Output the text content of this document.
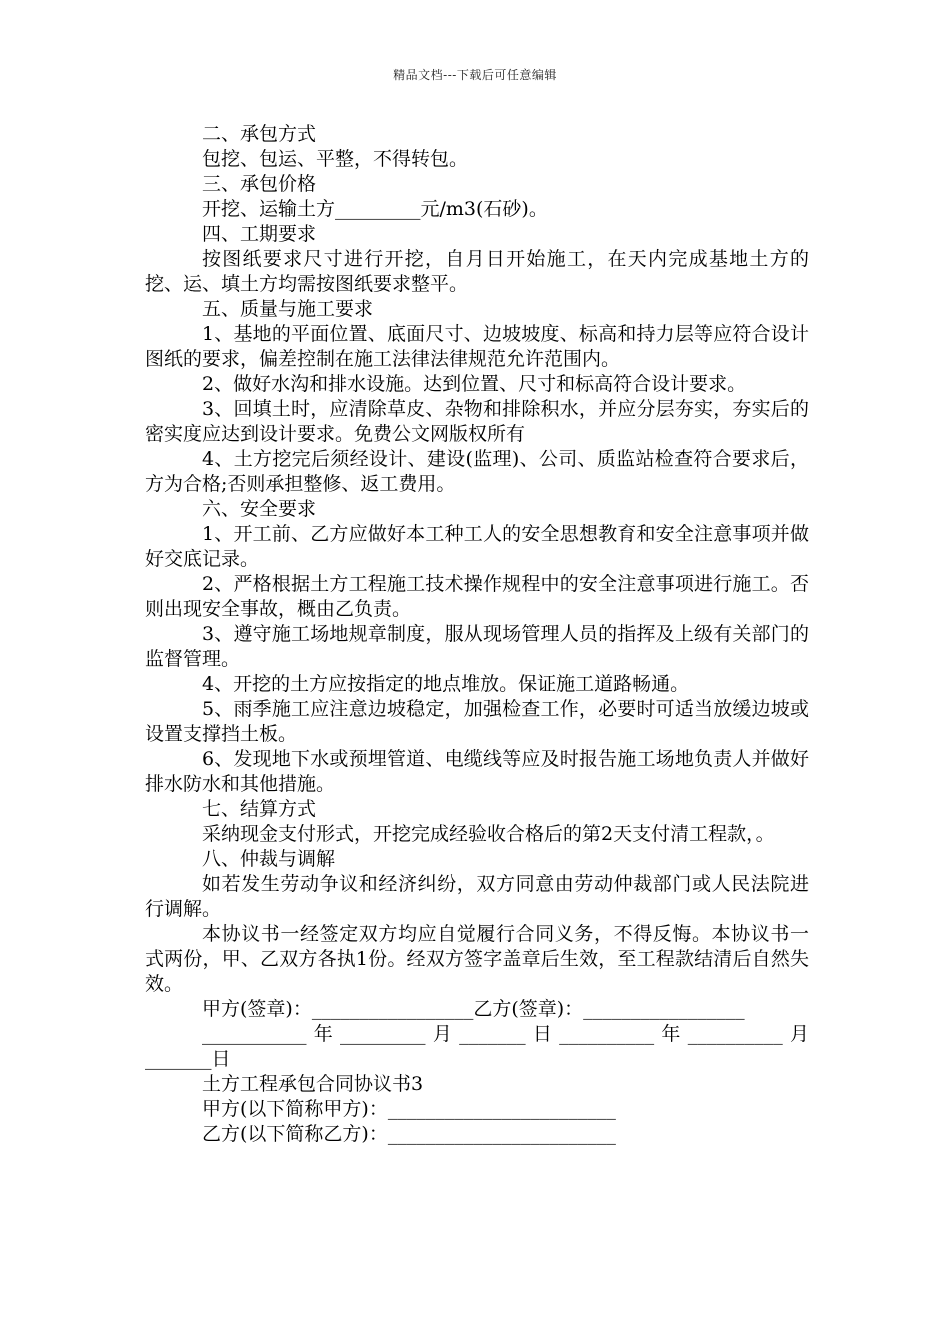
精品文档---下载后可任意编辑

二、承包方式

包挖、包运、平整，不得转包。

三、承包价格

开挖、运输土方_________元/m3(石砂)。

四、工期要求

按图纸要求尺寸进行开挖，自月日开始施工，在天内完成基地土方的挖、运、填土方均需按图纸要求整平。

五、质量与施工要求

1、基地的平面位置、底面尺寸、边坡坡度、标高和持力层等应符合设计图纸的要求，偏差控制在施工法律法律规范允许范围内。

2、做好水沟和排水设施。达到位置、尺寸和标高符合设计要求。

3、回填土时，应清除草皮、杂物和排除积水，并应分层夯实，夯实后的密实度应达到设计要求。免费公文网版权所有

4、土方挖完后须经设计、建设(监理)、公司、质监站检查符合要求后，方为合格;否则承担整修、返工费用。

六、安全要求

1、开工前、乙方应做好本工种工人的安全思想教育和安全注意事项并做好交底记录。

2、严格根据土方工程施工技术操作规程中的安全注意事项进行施工。否则出现安全事故，概由乙负责。

3、遵守施工场地规章制度，服从现场管理人员的指挥及上级有关部门的监督管理。

4、开挖的土方应按指定的地点堆放。保证施工道路畅通。

5、雨季施工应注意边坡稳定，加强检查工作，必要时可适当放缓边坡或设置支撑挡土板。

6、发现地下水或预埋管道、电缆线等应及时报告施工场地负责人并做好排水防水和其他措施。

七、结算方式

采纳现金支付形式，开挖完成经验收合格后的第2天支付清工程款，。

八、仲裁与调解

如若发生劳动争议和经济纠纷，双方同意由劳动仲裁部门或人民法院进行调解。

本协议书一经签定双方均应自觉履行合同义务，不得反悔。本协议书一式两份，甲、乙双方各执1份。经双方签字盖章后生效，至工程款结清后自然失效。

甲方(签章)：_________________乙方(签章)：_________________

___________年_________月_______日__________年__________月_______日

土方工程承包合同协议书3

甲方(以下简称甲方)：________________________

乙方(以下简称乙方)：________________________
